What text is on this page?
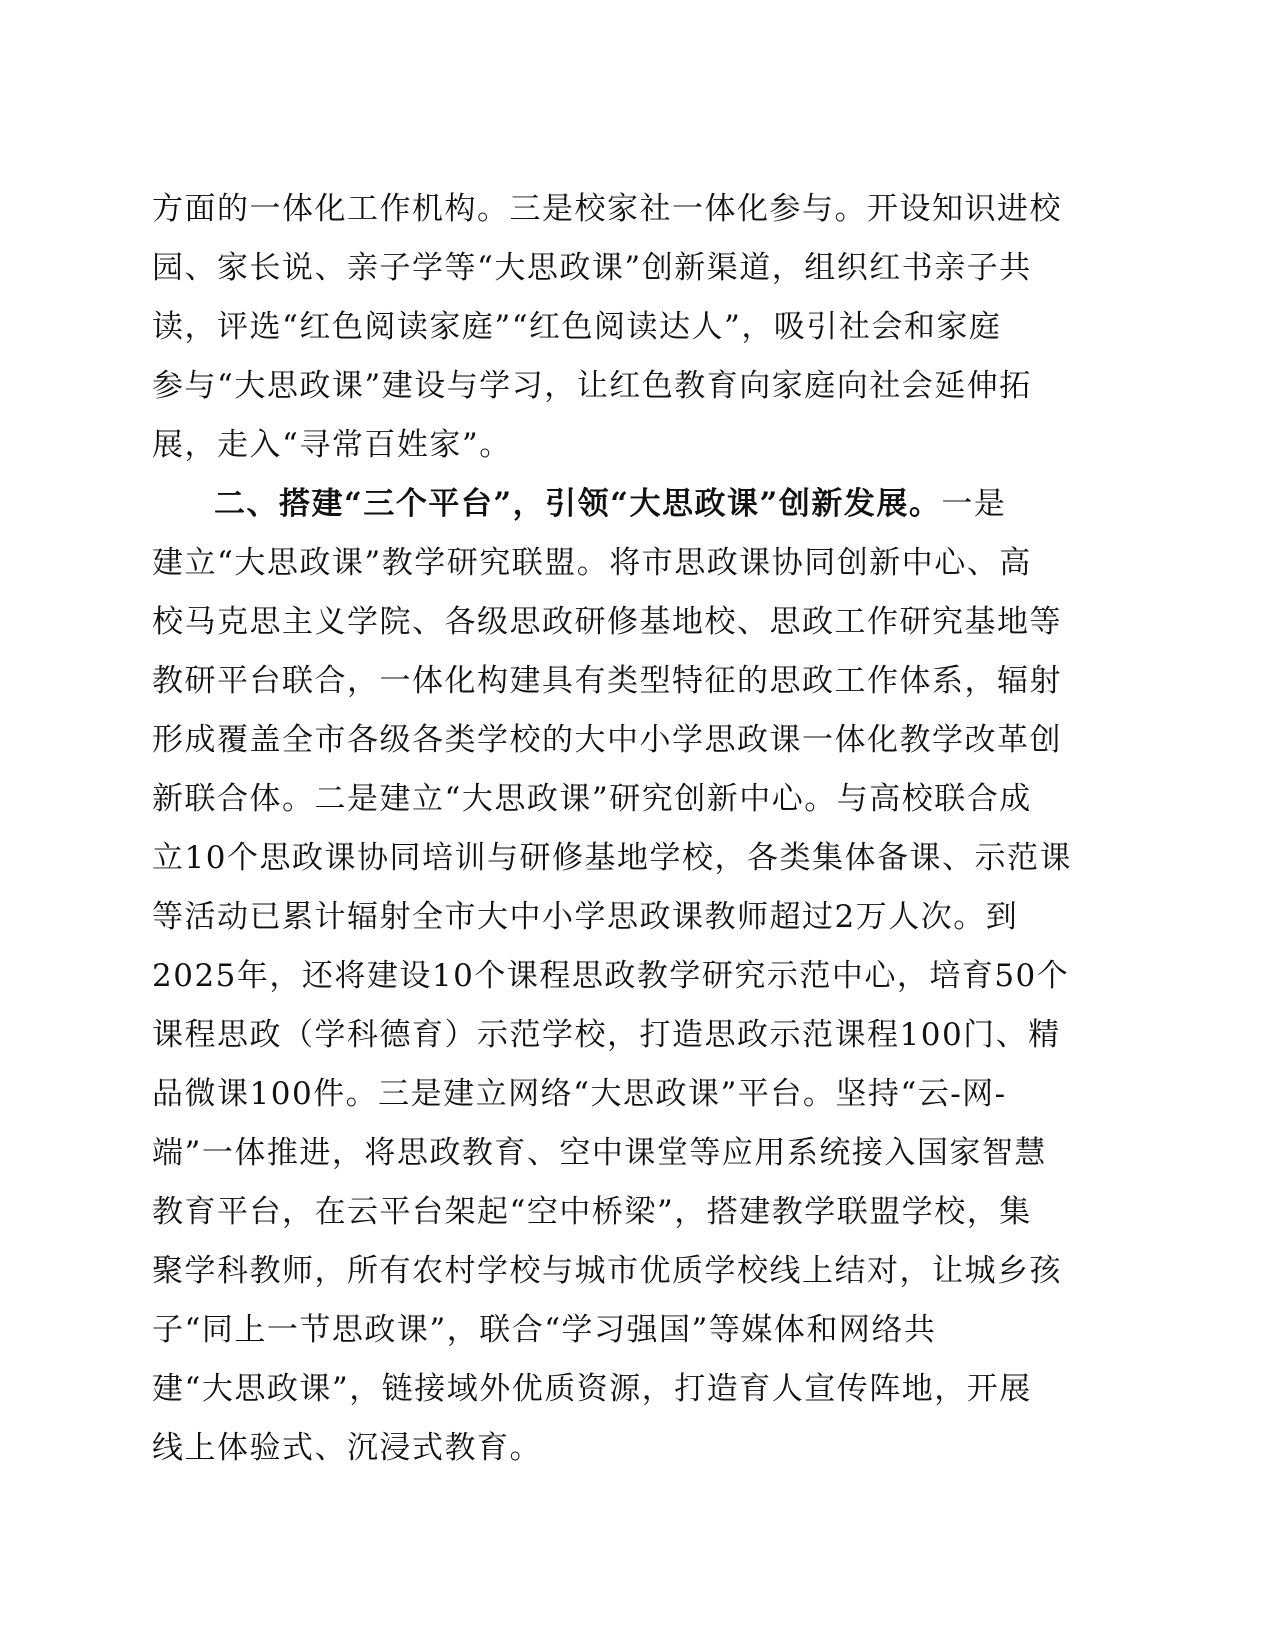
方面的一体化工作机构。三是校家社一体化参与。开设知识进校
园、家长说、亲子学等“大思政课”创新渠道，组织红书亲子共
读，评选“红色阅读家庭”“红色阅读达人”，吸引社会和家庭
参与“大思政课”建设与学习，让红色教育向家庭向社会延伸拓
展，走入“寻常百姓家”。
二、搭建“三个平台”，引领“大思政课”创新发展。一是
建立“大思政课”教学研究联盟。将市思政课协同创新中心、高
校马克思主义学院、各级思政研修基地校、思政工作研究基地等
教研平台联合，一体化构建具有类型特征的思政工作体系，辐射
形成覆盖全市各级各类学校的大中小学思政课一体化教学改革创
新联合体。二是建立“大思政课”研究创新中心。与高校联合成
立10个思政课协同培训与研修基地学校，各类集体备课、示范课
等活动已累计辐射全市大中小学思政课教师超过2万人次。到
2025年，还将建设10个课程思政教学研究示范中心，培育50个
课程思政（学科德育）示范学校，打造思政示范课程100门、精
品微课100件。三是建立网络“大思政课”平台。坚持“云-网-
端”一体推进，将思政教育、空中课堂等应用系统接入国家智慧
教育平台，在云平台架起“空中桥梁”，搭建教学联盟学校，集
聚学科教师，所有农村学校与城市优质学校线上结对，让城乡孩
子“同上一节思政课”，联合“学习强国”等媒体和网络共
建“大思政课”，链接域外优质资源，打造育人宣传阵地，开展
线上体验式、沉浸式教育。
